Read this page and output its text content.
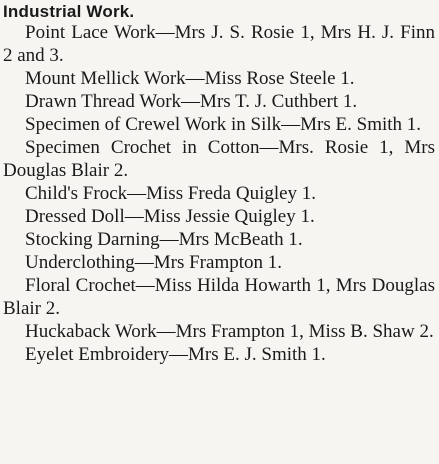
Industrial Work.
Point Lace Work—Mrs J. S. Rosie 1, Mrs H. J. Finn 2 and 3.
Mount Mellick Work—Miss Rose Steele 1.
Drawn Thread Work—Mrs T. J. Cuthbert 1.
Specimen of Crewel Work in Silk—Mrs E. Smith 1.
Specimen Crochet in Cotton—Mrs. Rosie 1, Mrs Douglas Blair 2.
Child's Frock—Miss Freda Quigley 1.
Dressed Doll—Miss Jessie Quigley 1.
Stocking Darning—Mrs McBeath 1.
Underclothing—Mrs Frampton 1.
Floral Crochet—Miss Hilda Howarth 1, Mrs Douglas Blair 2.
Huckaback Work—Mrs Frampton 1, Miss B. Shaw 2.
Eyelet Embroidery—Mrs E. J. Smith 1.
